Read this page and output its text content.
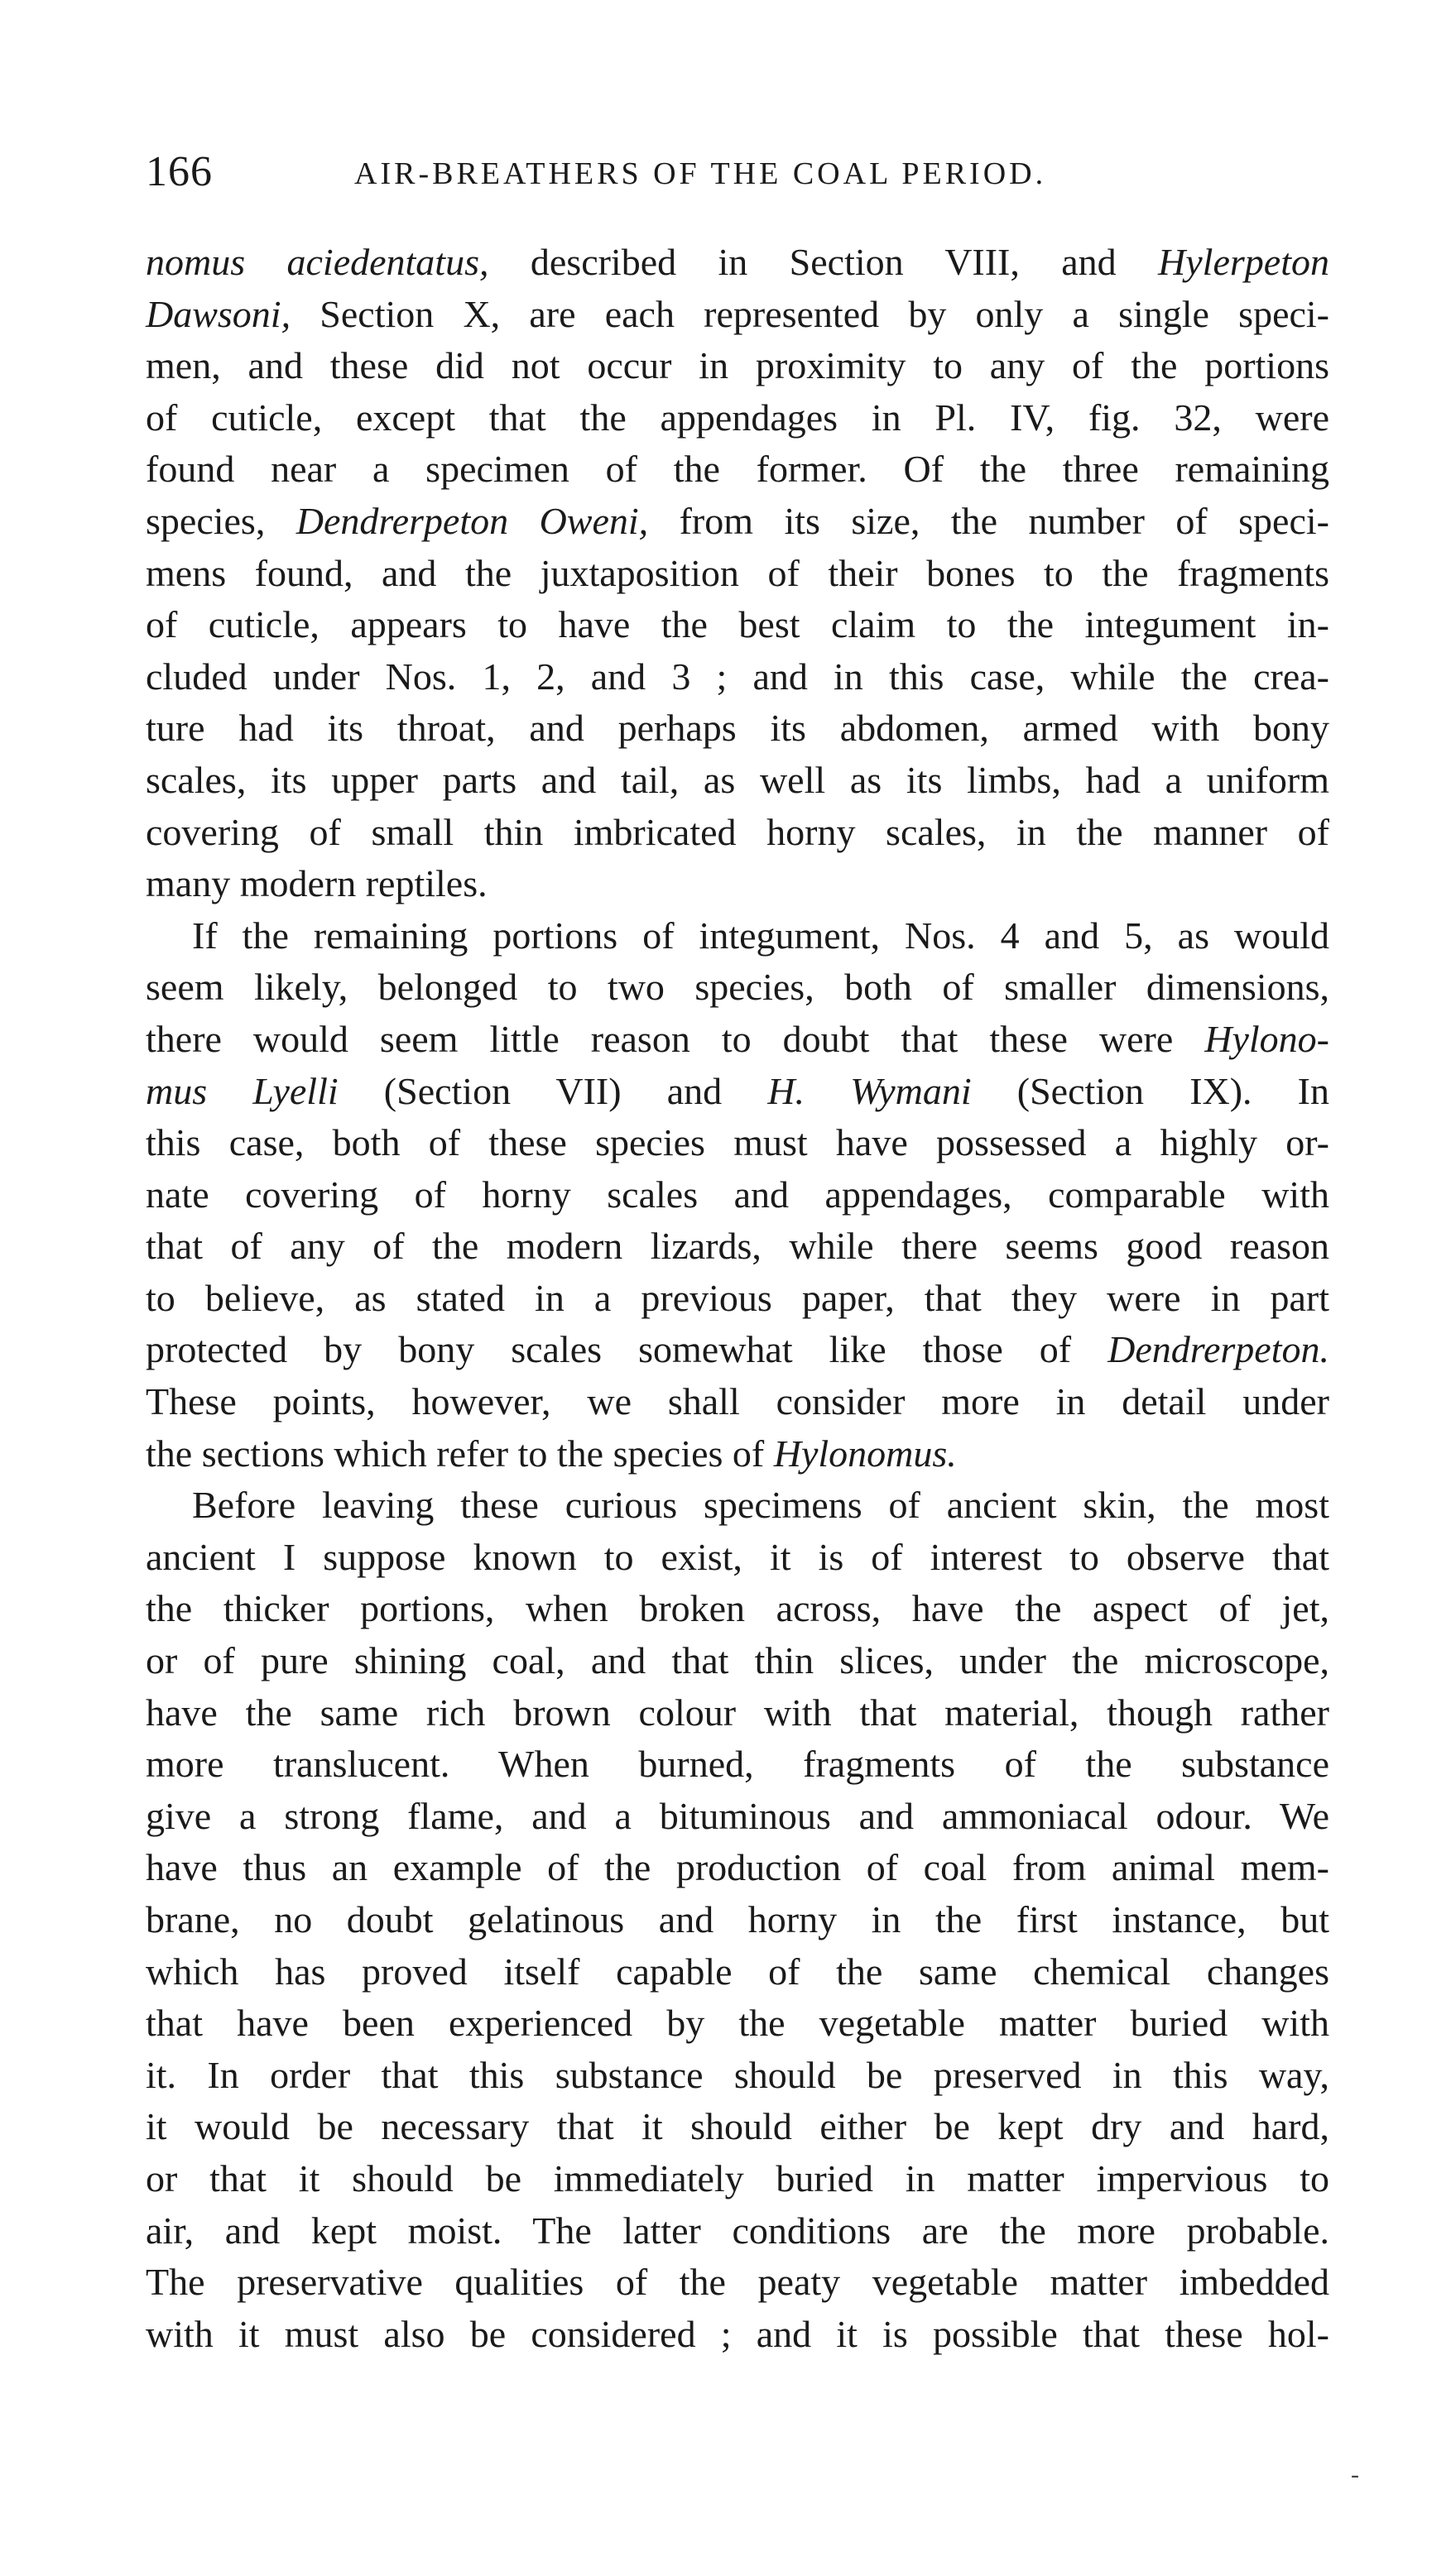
166	AIR-BREATHERS OF THE COAL PERIOD.
nomus aciedentatus, described in Section VIII, and Hylerpeton
Dawsoni, Section X, are each represented by only a single speci-
men, and these did not occur in proximity to any of the portions
of cuticle, except that the appendages in Pl. IV, fig. 32, were
found near a specimen of the former. Of the three remaining
species, Dendrerpeton Oweni, from its size, the number of speci-
mens found, and the juxtaposition of their bones to the fragments
of cuticle, appears to have the best claim to the integument in-
cluded under Nos. 1, 2, and 3 ; and in this case, while the crea-
ture had its throat, and perhaps its abdomen, armed with bony
scales, its upper parts and tail, as well as its limbs, had a uniform
covering of small thin imbricated horny scales, in the manner of
many modern reptiles.
If the remaining portions of integument, Nos. 4 and 5, as would
seem likely, belonged to two species, both of smaller dimensions,
there would seem little reason to doubt that these were Hylono-
mus Lyelli (Section VII) and H. Wymani (Section IX). In
this case, both of these species must have possessed a highly or-
nate covering of horny scales and appendages, comparable with
that of any of the modern lizards, while there seems good reason
to believe, as stated in a previous paper, that they were in part
protected by bony scales somewhat like those of Dendrerpeton.
These points, however, we shall consider more in detail under
the sections which refer to the species of Hylonomus.
Before leaving these curious specimens of ancient skin, the most
ancient I suppose known to exist, it is of interest to observe that
the thicker portions, when broken across, have the aspect of jet,
or of pure shining coal, and that thin slices, under the microscope,
have the same rich brown colour with that material, though rather
more translucent. When burned, fragments of the substance
give a strong flame, and a bituminous and ammoniacal odour. We
have thus an example of the production of coal from animal mem-
brane, no doubt gelatinous and horny in the first instance, but
which has proved itself capable of the same chemical changes
that have been experienced by the vegetable matter buried with
it. In order that this substance should be preserved in this way,
it would be necessary that it should either be kept dry and hard,
or that it should be immediately buried in matter impervious to
air, and kept moist. The latter conditions are the more probable.
The preservative qualities of the peaty vegetable matter imbedded
with it must also be considered ; and it is possible that these hol-
-
